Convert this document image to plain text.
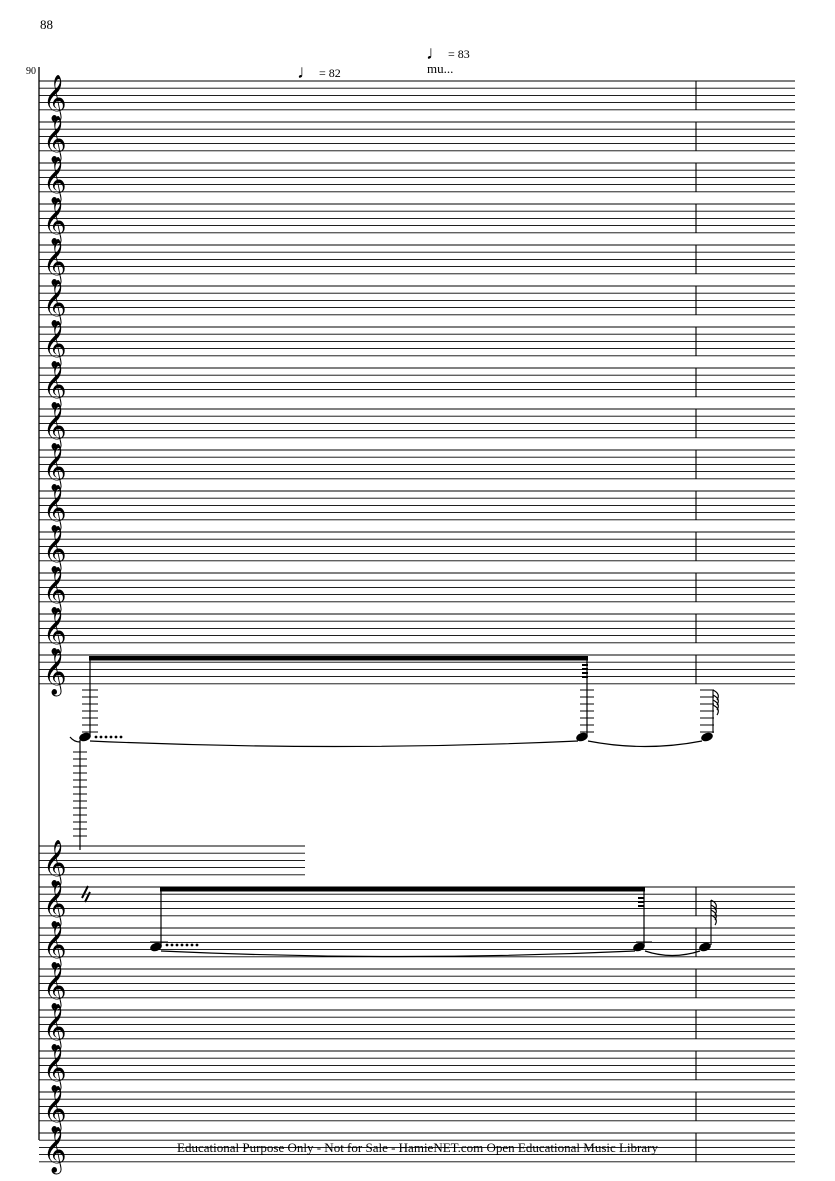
88
90	♩ = 82
♩ = 83
mu...
𝄞
𝄞
𝄞
𝄞
𝄞
𝄞
𝄞
𝄞
𝄞
𝄞
𝄞
𝄞
𝄞
𝄞
𝄞
𝄞
𝄞
𝄞
𝄞
𝄞
𝄞
𝄞
𝄞	Educational Purpose Only - Not for Sale - HamieNET.com Open Educational Music Library
